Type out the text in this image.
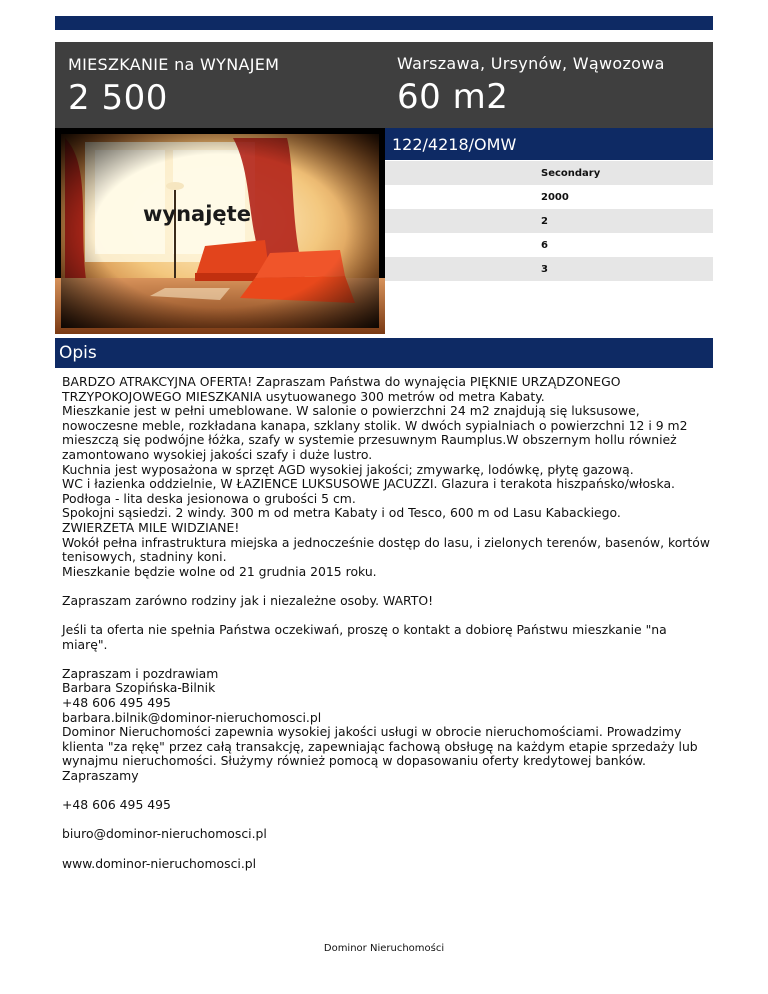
MIESZKANIE na WYNAJEM
2 500
Warszawa, Ursynów, Wąwozowa
60 m2
wynajęte
122/4218/OMW
Secondary
2000
2
6
3
Opis

BARDZO ATRAKCYJNA OFERTA! Zapraszam Państwa do wynajęcia PIĘKNIE URZĄDZONEGO TRZYPOKOJOWEGO MIESZKANIA usytuowanego 300 metrów od metra Kabaty.
Mieszkanie jest w pełni umeblowane. W salonie o powierzchni 24 m2 znajdują się luksusowe, nowoczesne meble, rozkładana kanapa, szklany stolik. W dwóch sypialniach o powierzchni 12 i 9 m2 mieszczą się podwójne łóżka, szafy w systemie przesuwnym Raumplus.W obszernym hollu również zamontowano wysokiej jakości szafy i duże lustro.
Kuchnia jest wyposażona w sprzęt AGD wysokiej jakości; zmywarkę, lodówkę, płytę gazową.
WC i łazienka oddzielnie, W ŁAZIENCE LUKSUSOWE JACUZZI. Glazura i terakota hiszpańsko/włoska.
Podłoga - lita deska jesionowa o grubości 5 cm.
Spokojni sąsiedzi. 2 windy. 300 m od metra Kabaty i od Tesco, 600 m od Lasu Kabackiego.
ZWIERZETA MILE WIDZIANE!
Wokół pełna infrastruktura miejska a jednocześnie dostęp do lasu, i zielonych terenów, basenów, kortów tenisowych, stadniny koni.
Mieszkanie będzie wolne od 21 grudnia 2015 roku.

Zapraszam zarówno rodziny jak i niezależne osoby. WARTO!

Jeśli ta oferta nie spełnia Państwa oczekiwań, proszę o kontakt a dobiorę Państwu mieszkanie "na miarę".

Zapraszam i pozdrawiam
Barbara Szopińska-Bilnik
+48 606 495 495
barbara.bilnik@dominor-nieruchomosci.pl
Dominor Nieruchomości zapewnia wysokiej jakości usługi w obrocie nieruchomościami. Prowadzimy klienta "za rękę" przez całą transakcję, zapewniając fachową obsługę na każdym etapie sprzedaży lub wynajmu nieruchomości. Służymy również pomocą w dopasowaniu oferty kredytowej banków.
Zapraszamy

+48 606 495 495

biuro@dominor-nieruchomosci.pl

www.dominor-nieruchomosci.pl

Dominor Nieruchomości
